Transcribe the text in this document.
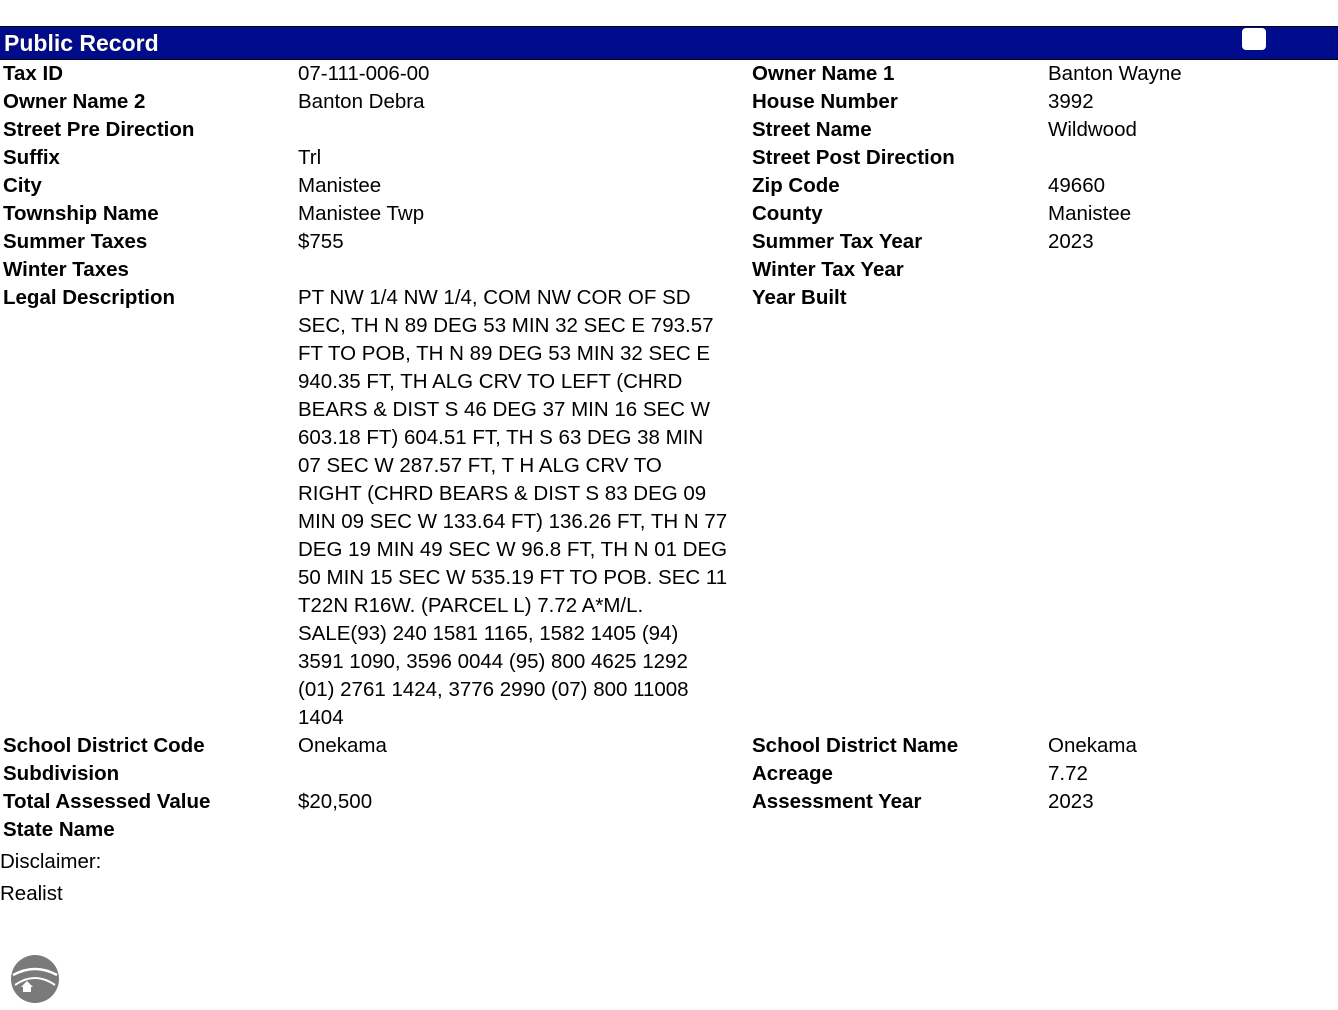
Public Record
Tax ID	07-111-006-00	Owner Name 1	Banton Wayne
Owner Name 2	Banton Debra	House Number	3992
Street Pre Direction		Street Name	Wildwood
Suffix	Trl	Street Post Direction	
City	Manistee	Zip Code	49660
Township Name	Manistee Twp	County	Manistee
Summer Taxes	$755	Summer Tax Year	2023
Winter Taxes		Winter Tax Year	
Legal Description	PT NW 1/4 NW 1/4, COM NW COR OF SD SEC, TH N 89 DEG 53 MIN 32 SEC E 793.57 FT TO POB, TH N 89 DEG 53 MIN 32 SEC E 940.35 FT, TH ALG CRV TO LEFT (CHRD BEARS & DIST S 46 DEG 37 MIN 16 SEC W 603.18 FT) 604.51 FT, TH S 63 DEG 38 MIN 07 SEC W 287.57 FT, T H ALG CRV TO RIGHT (CHRD BEARS & DIST S 83 DEG 09 MIN 09 SEC W 133.64 FT) 136.26 FT, TH N 77 DEG 19 MIN 49 SEC W 96.8 FT, TH N 01 DEG 50 MIN 15 SEC W 535.19 FT TO POB. SEC 11 T22N R16W. (PARCEL L) 7.72 A*M/L. SALE(93) 240 1581 1165, 1582 1405 (94) 3591 1090, 3596 0044 (95) 800 4625 1292 (01) 2761 1424, 3776 2990 (07) 800 11008 1404	Year Built	
School District Code	Onekama	School District Name	Onekama
Subdivision		Acreage	7.72
Total Assessed Value	$20,500	Assessment Year	2023
State Name			
Disclaimer:
Realist
